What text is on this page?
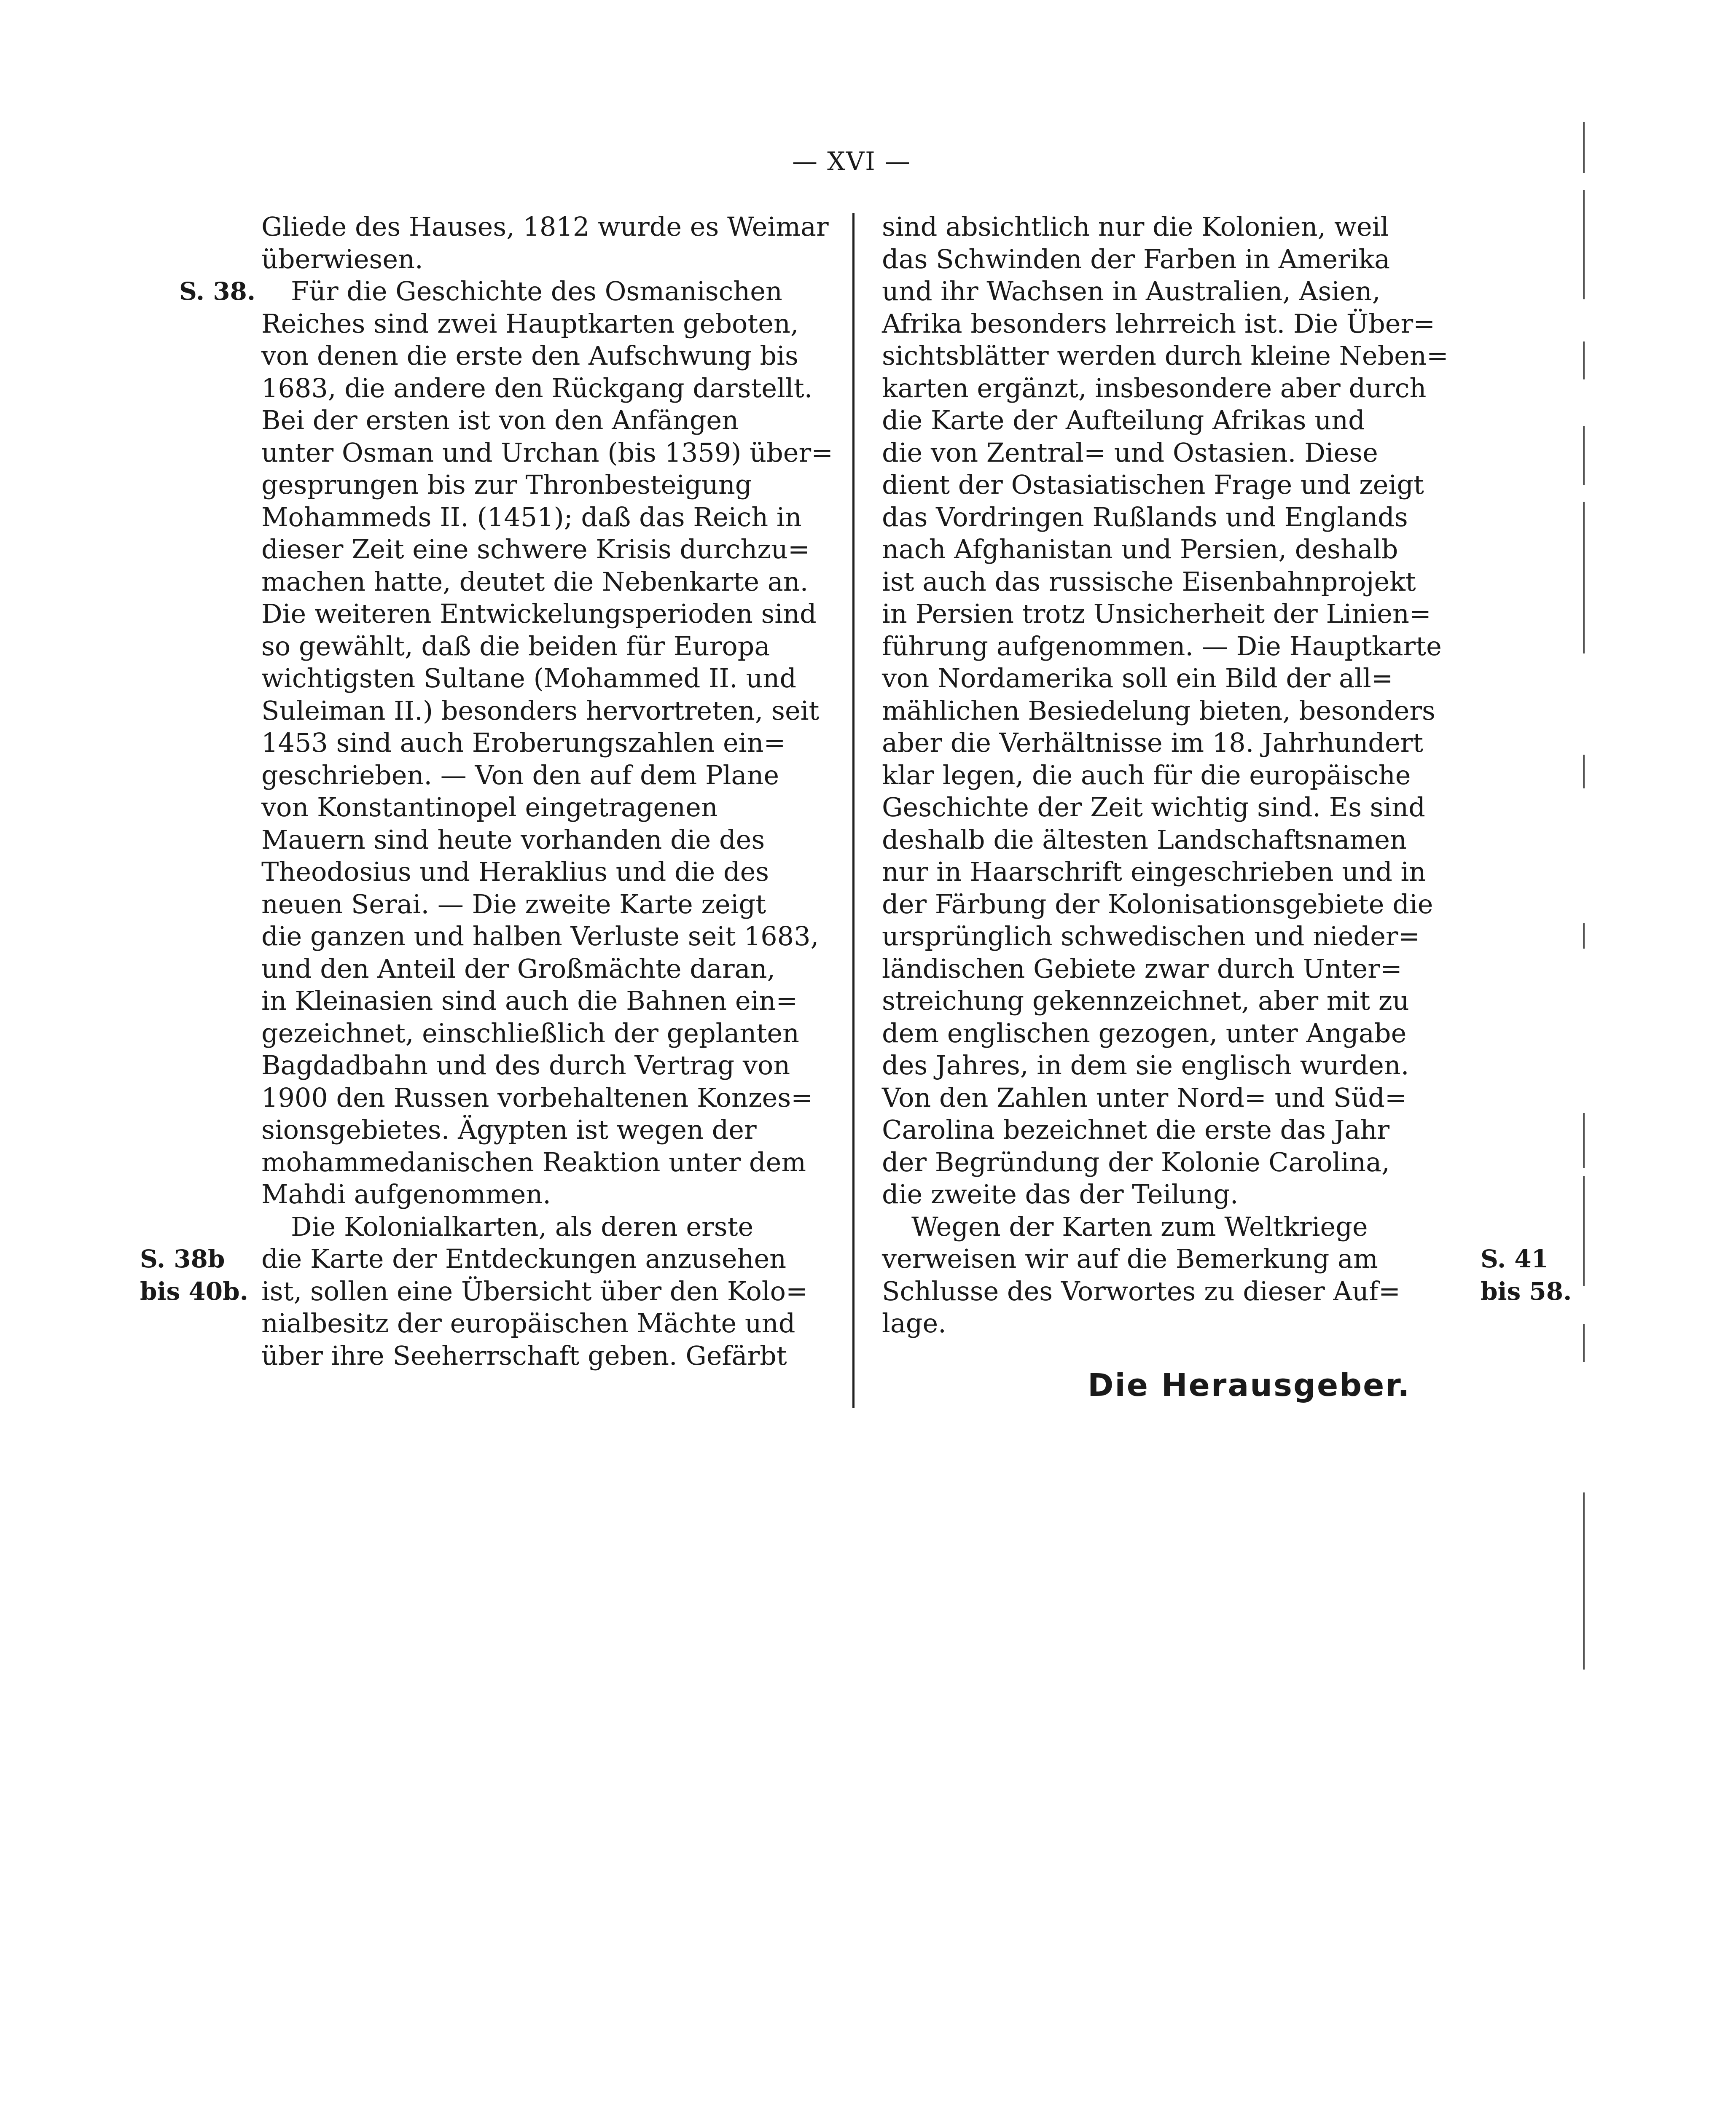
— XVI —
S. 38.
S. 38b
bis 40b.
S. 41
bis 58.
Gliede des Hauses, 1812 wurde es Weimar
überwiesen.
Für die Geschichte des Osmanischen
Reiches sind zwei Hauptkarten geboten,
von denen die erste den Aufschwung bis
1683, die andere den Rückgang darstellt.
Bei der ersten ist von den Anfängen
unter Osman und Urchan (bis 1359) über=
gesprungen bis zur Thronbesteigung
Mohammeds II. (1451); daß das Reich in
dieser Zeit eine schwere Krisis durchzu=
machen hatte, deutet die Nebenkarte an.
Die weiteren Entwickelungsperioden sind
so gewählt, daß die beiden für Europa
wichtigsten Sultane (Mohammed II. und
Suleiman II.) besonders hervortreten, seit
1453 sind auch Eroberungszahlen ein=
geschrieben. — Von den auf dem Plane
von Konstantinopel eingetragenen
Mauern sind heute vorhanden die des
Theodosius und Heraklius und die des
neuen Serai. — Die zweite Karte zeigt
die ganzen und halben Verluste seit 1683,
und den Anteil der Großmächte daran,
in Kleinasien sind auch die Bahnen ein=
gezeichnet, einschließlich der geplanten
Bagdadbahn und des durch Vertrag von
1900 den Russen vorbehaltenen Konzes=
sionsgebietes. Ägypten ist wegen der
mohammedanischen Reaktion unter dem
Mahdi aufgenommen.
Die Kolonialkarten, als deren erste
die Karte der Entdeckungen anzusehen
ist, sollen eine Übersicht über den Kolo=
nialbesitz der europäischen Mächte und
über ihre Seeherrschaft geben. Gefärbt
sind absichtlich nur die Kolonien, weil
das Schwinden der Farben in Amerika
und ihr Wachsen in Australien, Asien,
Afrika besonders lehrreich ist. Die Über=
sichtsblätter werden durch kleine Neben=
karten ergänzt, insbesondere aber durch
die Karte der Aufteilung Afrikas und
die von Zentral= und Ostasien. Diese
dient der Ostasiatischen Frage und zeigt
das Vordringen Rußlands und Englands
nach Afghanistan und Persien, deshalb
ist auch das russische Eisenbahnprojekt
in Persien trotz Unsicherheit der Linien=
führung aufgenommen. — Die Hauptkarte
von Nordamerika soll ein Bild der all=
mählichen Besiedelung bieten, besonders
aber die Verhältnisse im 18. Jahrhundert
klar legen, die auch für die europäische
Geschichte der Zeit wichtig sind. Es sind
deshalb die ältesten Landschaftsnamen
nur in Haarschrift eingeschrieben und in
der Färbung der Kolonisationsgebiete die
ursprünglich schwedischen und nieder=
ländischen Gebiete zwar durch Unter=
streichung gekennzeichnet, aber mit zu
dem englischen gezogen, unter Angabe
des Jahres, in dem sie englisch wurden.
Von den Zahlen unter Nord= und Süd=
Carolina bezeichnet die erste das Jahr
der Begründung der Kolonie Carolina,
die zweite das der Teilung.
Wegen der Karten zum Weltkriege
verweisen wir auf die Bemerkung am
Schlusse des Vorwortes zu dieser Auf=
lage.
Die Herausgeber.
